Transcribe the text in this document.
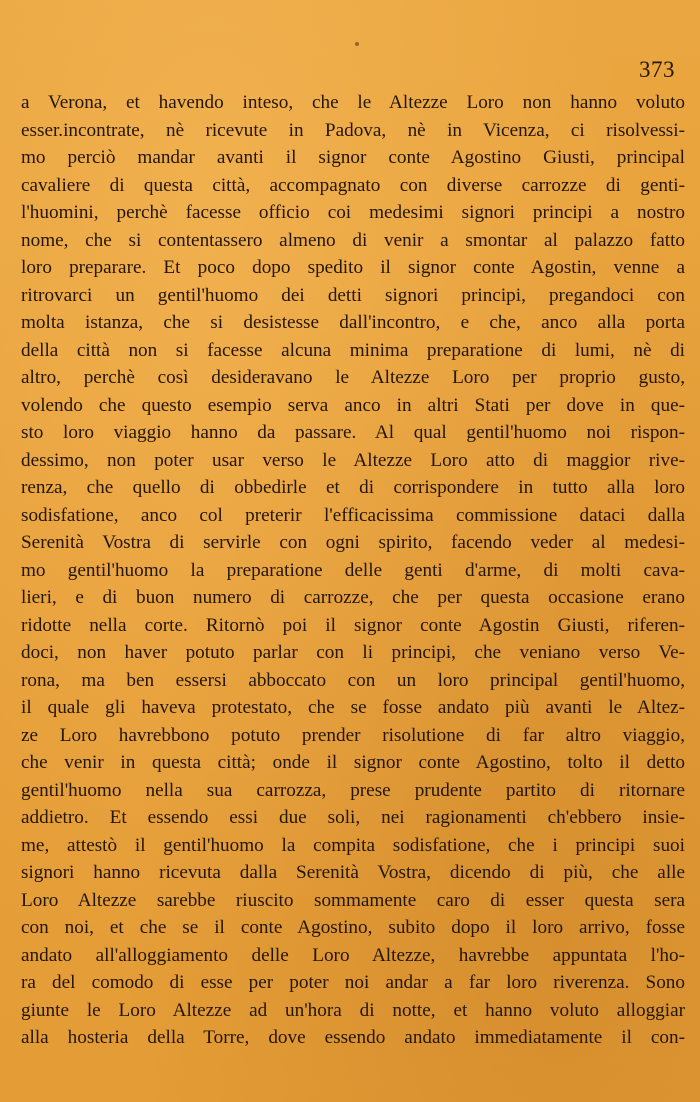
373
a Verona, et havendo inteso, che le Altezze Loro non hanno voluto
esser.incontrate, nè ricevute in Padova, nè in Vicenza, ci risolvessi-
mo perciò mandar avanti il signor conte Agostino Giusti, principal
cavaliere di questa città, accompagnato con diverse carrozze di genti-
l'huomini, perchè facesse officio coi medesimi signori principi a nostro
nome, che si contentassero almeno di venir a smontar al palazzo fatto
loro preparare. Et poco dopo spedito il signor conte Agostin, venne a
ritrovarci un gentil'huomo dei detti signori principi, pregandoci con
molta istanza, che si desistesse dall'incontro, e che, anco alla porta
della città non si facesse alcuna minima preparatione di lumi, nè di
altro, perchè così desideravano le Altezze Loro per proprio gusto,
volendo che questo esempio serva anco in altri Stati per dove in que-
sto loro viaggio hanno da passare. Al qual gentil'huomo noi rispon-
dessimo, non poter usar verso le Altezze Loro atto di maggior rive-
renza, che quello di obbedirle et di corrispondere in tutto alla loro
sodisfatione, anco col preterir l'efficacissima commissione dataci dalla
Serenità Vostra di servirle con ogni spirito, facendo veder al medesi-
mo gentil'huomo la preparatione delle genti d'arme, di molti cava-
lieri, e di buon numero di carrozze, che per questa occasione erano
ridotte nella corte. Ritornò poi il signor conte Agostin Giusti, riferen-
doci, non haver potuto parlar con li principi, che veniano verso Ve-
rona, ma ben essersi abboccato con un loro principal gentil'huomo,
il quale gli haveva protestato, che se fosse andato più avanti le Altez-
ze Loro havrebbono potuto prender risolutione di far altro viaggio,
che venir in questa città; onde il signor conte Agostino, tolto il detto
gentil'huomo nella sua carrozza, prese prudente partito di ritornare
addietro. Et essendo essi due soli, nei ragionamenti ch'ebbero insie-
me, attestò il gentil'huomo la compita sodisfatione, che i principi suoi
signori hanno ricevuta dalla Serenità Vostra, dicendo di più, che alle
Loro Altezze sarebbe riuscito sommamente caro di esser questa sera
con noi, et che se il conte Agostino, subito dopo il loro arrivo, fosse
andato all'alloggiamento delle Loro Altezze, havrebbe appuntata l'ho-
ra del comodo di esse per poter noi andar a far loro riverenza. Sono
giunte le Loro Altezze ad un'hora di notte, et hanno voluto alloggiar
alla hosteria della Torre, dove essendo andato immediatamente il con-
